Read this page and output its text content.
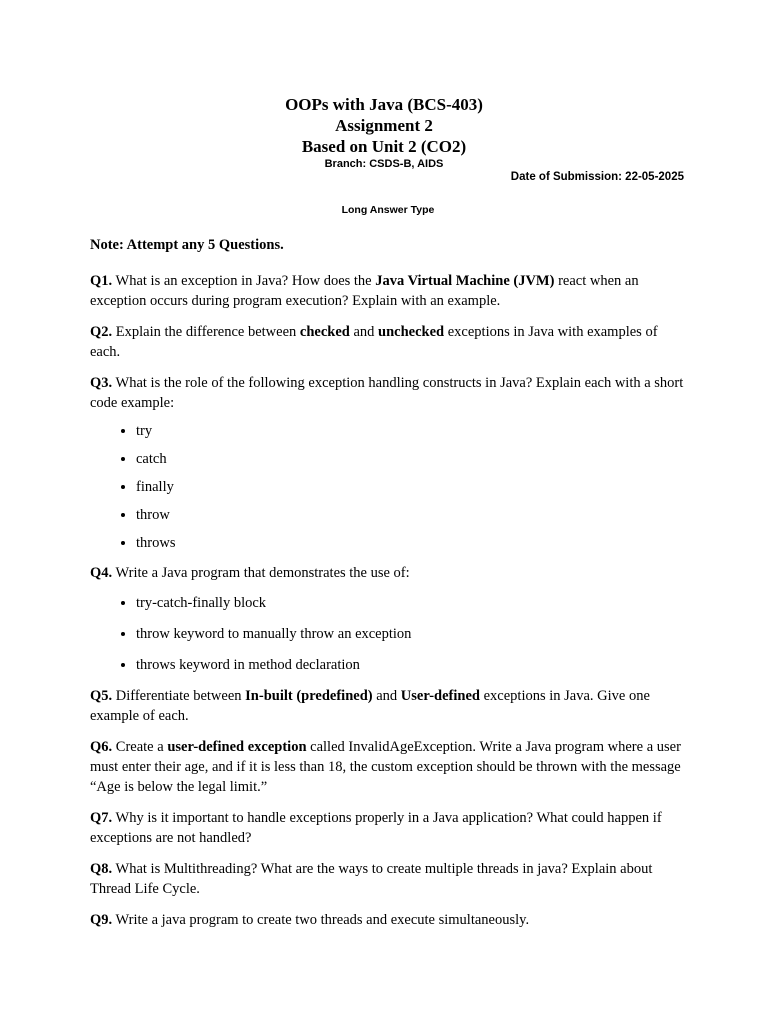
OOPs with Java (BCS-403)
Assignment 2
Based on Unit 2 (CO2)
Branch: CSDS-B, AIDS
Date of Submission: 22-05-2025
Long Answer Type

Note: Attempt any 5 Questions.

Q1. What is an exception in Java? How does the Java Virtual Machine (JVM) react when an exception occurs during program execution? Explain with an example.

Q2. Explain the difference between checked and unchecked exceptions in Java with examples of each.

Q3. What is the role of the following exception handling constructs in Java? Explain each with a short code example:

• try
• catch
• finally
• throw
• throws

Q4. Write a Java program that demonstrates the use of:

• try-catch-finally block
• throw keyword to manually throw an exception
• throws keyword in method declaration

Q5. Differentiate between In-built (predefined) and User-defined exceptions in Java. Give one example of each.

Q6. Create a user-defined exception called InvalidAgeException. Write a Java program where a user must enter their age, and if it is less than 18, the custom exception should be thrown with the message “Age is below the legal limit.”

Q7. Why is it important to handle exceptions properly in a Java application? What could happen if exceptions are not handled?

Q8. What is Multithreading? What are the ways to create multiple threads in java? Explain about Thread Life Cycle.

Q9. Write a java program to create two threads and execute simultaneously.
